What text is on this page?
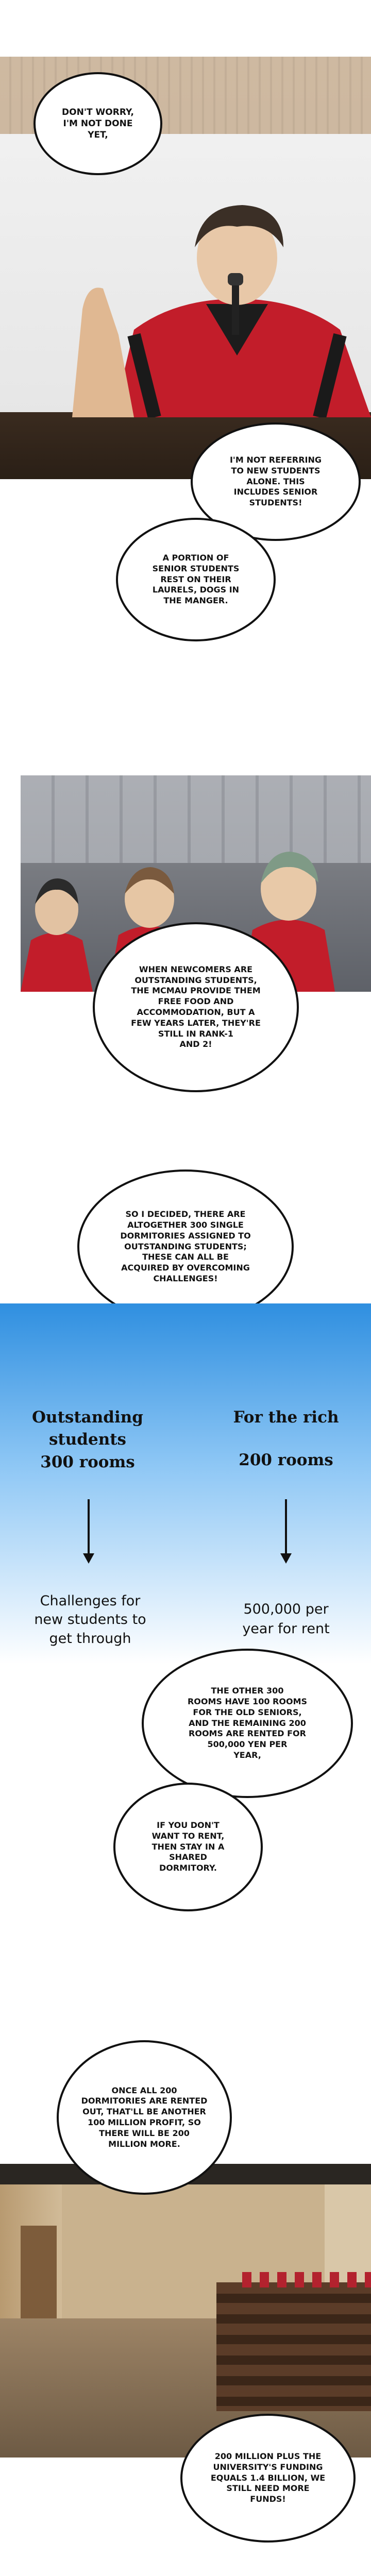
DON'T WORRY,
I'M NOT DONE
YET,
I'M NOT REFERRING
TO NEW STUDENTS
ALONE. THIS
INCLUDES SENIOR
STUDENTS!
A PORTION OF
SENIOR STUDENTS
REST ON THEIR
LAURELS, DOGS IN
THE MANGER.
WHEN NEWCOMERS ARE
OUTSTANDING STUDENTS,
THE MCMAU PROVIDE THEM
FREE FOOD AND
ACCOMMODATION, BUT A
FEW YEARS LATER, THEY'RE
STILL IN RANK-1
AND 2!
SO I DECIDED, THERE ARE
ALTOGETHER 300 SINGLE
DORMITORIES ASSIGNED TO
OUTSTANDING STUDENTS;
THESE CAN ALL BE
ACQUIRED BY OVERCOMING
CHALLENGES!
Outstanding
students
300 rooms
For the rich
200 rooms
Challenges for
new students to
get through
500,000 per
year for rent
THE OTHER 300
ROOMS HAVE 100 ROOMS
FOR THE OLD SENIORS,
AND THE REMAINING 200
ROOMS ARE RENTED FOR
500,000 YEN PER
YEAR,
IF YOU DON'T
WANT TO RENT,
THEN STAY IN A
SHARED
DORMITORY.
ONCE ALL 200
DORMITORIES ARE RENTED
OUT, THAT'LL BE ANOTHER
100 MILLION PROFIT, SO
THERE WILL BE 200
MILLION MORE.
200 MILLION PLUS THE
UNIVERSITY'S FUNDING
EQUALS 1.4 BILLION, WE
STILL NEED MORE
FUNDS!
